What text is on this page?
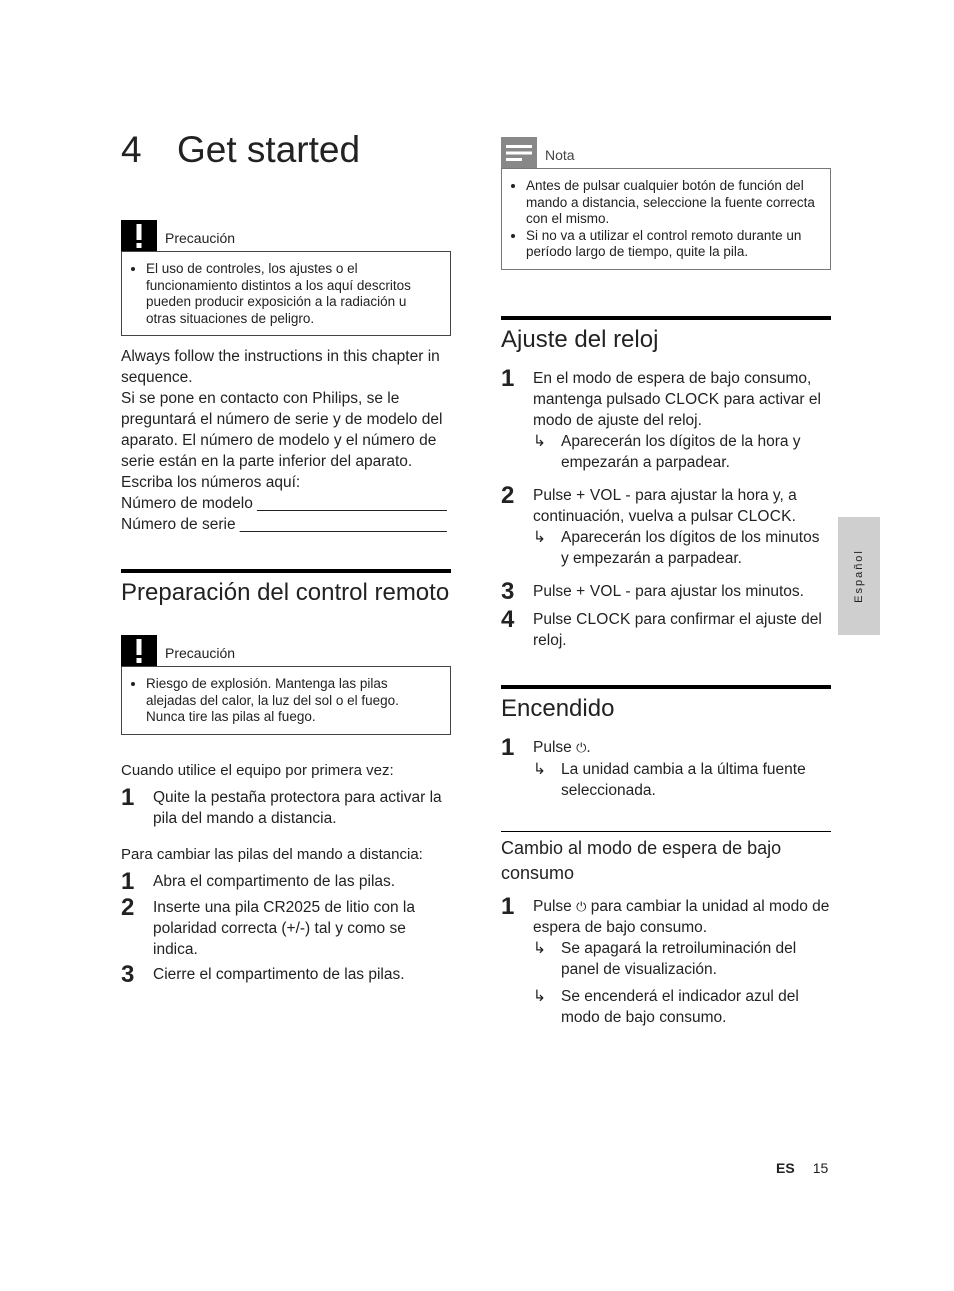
4 Get started
Precaución
• El uso de controles, los ajustes o el funcionamiento distintos a los aquí descritos pueden producir exposición a la radiación u otras situaciones de peligro.

Always follow the instructions in this chapter in sequence.

Si se pone en contacto con Philips, se le preguntará el número de serie y de modelo del aparato. El número de modelo y el número de serie están en la parte inferior del aparato. Escriba los números aquí:

Número de modelo ______________________

Número de serie ________________________

Preparación del control remoto
Precaución
• Riesgo de explosión. Mantenga las pilas alejadas del calor, la luz del sol o el fuego. Nunca tire las pilas al fuego.

Cuando utilice el equipo por primera vez:

1	Quite la pestaña protectora para activar la pila del mando a distancia.

Para cambiar las pilas del mando a distancia:

1	Abra el compartimento de las pilas.
2	Inserte una pila CR2025 de litio con la polaridad correcta (+/-) tal y como se indica.
3	Cierre el compartimento de las pilas.
Nota
• Antes de pulsar cualquier botón de función del mando a distancia, seleccione la fuente correcta con el mismo.
• Si no va a utilizar el control remoto durante un período largo de tiempo, quite la pila.
Ajuste del reloj
1	En el modo de espera de bajo consumo, mantenga pulsado CLOCK para activar el modo de ajuste del reloj.
↳ Aparecerán los dígitos de la hora y empezarán a parpadear.
2	Pulse + VOL - para ajustar la hora y, a continuación, vuelva a pulsar CLOCK.
↳ Aparecerán los dígitos de los minutos y empezarán a parpadear.
3	Pulse + VOL - para ajustar los minutos.
4	Pulse CLOCK para confirmar el ajuste del reloj.
Encendido
1	Pulse ⏻.
↳ La unidad cambia a la última fuente seleccionada.
Cambio al modo de espera de bajo consumo
1	Pulse ⏻ para cambiar la unidad al modo de espera de bajo consumo.
↳ Se apagará la retroiluminación del panel de visualización.
↳ Se encenderá el indicador azul del modo de bajo consumo.
Español
ES 15
